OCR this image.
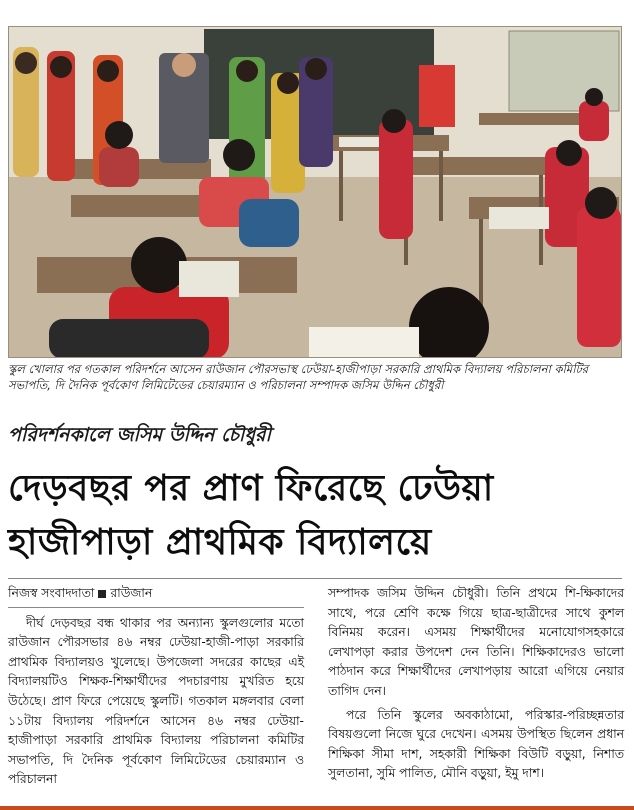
স্কুল খোলার পর গতকাল পরিদর্শনে আসেন রাউজান পৌরসভাস্থ ঢেউয়া-হাজীপাড়া সরকারি প্রাথমিক বিদ্যালয় পরিচালনা কমিটির সভাপতি, দি দৈনিক পূর্বকোণ লিমিটেডের চেয়ারম্যান ও পরিচালনা সম্পাদক জসিম উদ্দিন চৌধুরী
পরিদর্শনকালে জসিম উদ্দিন চৌধুরী
দেড়বছর পর প্রাণ ফিরেছে ঢেউয়া
হাজীপাড়া প্রাথমিক বিদ্যালয়ে
নিজস্ব সংবাদদাতা রাউজান

দীর্ঘ দেড়বছর বন্ধ থাকার পর অন্যান্য স্কুলগুলোর মতো রাউজান পৌরসভার ৪৬ নম্বর ঢেউয়া-হাজী-পাড়া সরকারি প্রাথমিক বিদ্যালয়ও খুলেছে। উপজেলা সদরের কাছের এই বিদ্যালয়টিও শিক্ষক-শিক্ষার্থীদের পদচারণায় মুখরিত হয়ে উঠেছে। প্রাণ ফিরে পেয়েছে স্কুলটি। গতকাল মঙ্গলবার বেলা ১১টায় বিদ্যালয় পরিদর্শনে আসেন ৪৬ নম্বর ঢেউয়া-হাজীপাড়া সরকারি প্রাথমিক বিদ্যালয় পরিচালনা কমিটির সভাপতি, দি দৈনিক পূর্বকোণ লিমিটেডের চেয়ারম্যান ও পরিচালনা

সম্পাদক জসিম উদ্দিন চৌধুরী। তিনি প্রথমে শি-ক্ষিকাদের সাথে, পরে শ্রেণি কক্ষে গিয়ে ছাত্র-ছাত্রীদের সাথে কুশল বিনিময় করেন। এসময় শিক্ষার্থীদের মনোযোগসহকারে লেখাপড়া করার উপদেশ দেন তিনি। শিক্ষিকাদেরও ভালো পাঠদান করে শিক্ষার্থীদের লেখাপড়ায় আরো এগিয়ে নেয়ার তাগিদ দেন।

পরে তিনি স্কুলের অবকাঠামো, পরিস্কার-পরিচ্ছন্নতার বিষয়গুলো নিজে ঘুরে দেখেন। এসময় উপস্থিত ছিলেন প্রধান শিক্ষিকা সীমা দাশ, সহকারী শিক্ষিকা বিউটি বড়ুয়া, নিশাত সুলতানা, সুমি পালিত, মৌনি বড়ুয়া, ইমু দাশ।
